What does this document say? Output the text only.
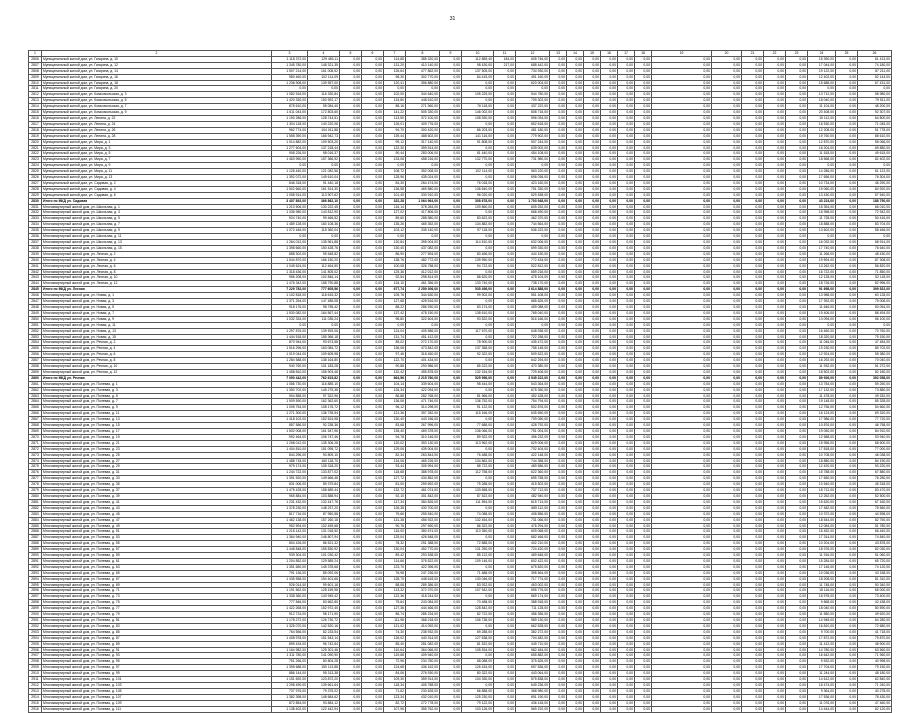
31
1	2	3	4	5	6	7	8	9	10	11	12	13	14	15	16	17	18	19	20	21	22	23	24	25	26
2806	Муниципальный жилой дом, ул. Гагарина, д. 10	1 118 372,00	129 483,11	0,00	0,00	114,88	385 320,00	0,00	112 889,40	184,00	605 746,00	0,00	0,00	0,00	0,00	0,00	0,00	0,00	0,00	0,00	0,00	0,00	15 390,00	0,00	61 413,00
2807	Муниципальный жилой дом, ул. Гагарина, д. 12	1 345 780,00	148 321,35	0,00	0,00	131,20	410 140,00	0,00	98 430,00	217,00	688 442,00	0,00	0,00	0,00	0,00	0,00	0,00	0,00	0,00	0,00	0,00	0,00	17 044,00	0,00	74 180,00
2808	Муниципальный жилой дом, ул. Гагарина, д. 14	1 507 214,00	161 008,52	0,00	0,00	126,64	477 862,00	0,00	137 505,00	0,00	734 930,00	0,00	0,00	0,00	0,00	0,00	0,00	0,00	0,00	0,00	0,00	0,00	19 122,00	0,00	87 211,00
2809	Муниципальный жилой дом, ул. Гагарина, д. 16	980 460,00	102 114,09	0,00	0,00	98,30	302 770,00	0,00	84 415,00	0,00	491 160,00	0,00	0,00	0,00	0,00	0,00	0,00	0,00	0,00	0,00	0,00	0,00	12 402,00	0,00	52 144,00
2810	Муниципальный жилой дом, ул. Гагарина, д. 18	1 236 908,00	139 557,00	0,00	0,00	120,41	356 880,00	0,00	0,00	0,00	620 004,00	0,00	0,00	0,00	0,00	0,00	0,00	0,00	0,00	0,00	0,00	0,00	15 688,00	0,00	67 431,00
2811	Муниципальный жилой дом, ул. Гагарина, д. 20	0,00	0,00	0,00	0,00	0,00	0,00	0,00	0,00	0,00	0,00	0,00	0,00	0,00	0,00	0,00	0,00	0,00	0,00	0,00	0,00	0,00	0,00	0,00	0,00
2812	Муниципальный жилой дом, ул. Комсомольская, д. 3	1 082 516,00	116 330,84	0,00	0,00	102,00	344 640,00	0,00	105 225,00	0,00	544 780,00	0,00	0,00	0,00	0,00	0,00	0,00	0,00	0,00	0,00	0,00	0,00	13 712,00	0,00	58 980,00
2813	Муниципальный жилой дом, ул. Комсомольская, д. 5	1 420 330,00	150 992,17	0,00	0,00	134,80	448 510,00	0,00	0,00	0,00	709 302,00	0,00	0,00	0,00	0,00	0,00	0,00	0,00	0,00	0,00	0,00	0,00	18 040,00	0,00	79 511,00
2814	Муниципальный жилой дом, ул. Комсомольская, д. 7	875 610,00	95 084,40	0,00	0,00	88,16	271 960,00	0,00	76 118,00	0,00	437 222,00	0,00	0,00	0,00	0,00	0,00	0,00	0,00	0,00	0,00	0,00	0,00	11 104,00	0,00	48 200,00
2815	Муниципальный жилой дом, ул. Комсомольская, д. 9	1 611 044,00	172 803,60	0,00	0,00	141,22	505 330,00	0,00	146 002,00	0,00	808 716,00	0,00	0,00	0,00	0,00	0,00	0,00	0,00	0,00	0,00	0,00	0,00	20 408,00	0,00	92 307,00
2816	Муниципальный жилой дом, ул. Ленина, д. 22	1 190 286,00	128 744,51	0,00	0,00	113,50	372 100,00	0,00	108 930,00	0,00	596 034,00	0,00	0,00	0,00	0,00	0,00	0,00	0,00	0,00	0,00	0,00	0,00	15 112,00	0,00	64 800,00
2817	Муниципальный жилой дом, ул. Ленина, д. 24	1 304 118,00	140 220,06	0,00	0,00	126,01	409 776,00	0,00	0,00	0,00	652 618,00	0,00	0,00	0,00	0,00	0,00	0,00	0,00	0,00	0,00	0,00	0,00	16 530,00	0,00	71 045,00
2818	Муниципальный жилой дом, ул. Ленина, д. 26	962 774,00	104 011,88	0,00	0,00	94,70	300 420,00	0,00	86 203,00	0,00	481 180,00	0,00	0,00	0,00	0,00	0,00	0,00	0,00	0,00	0,00	0,00	0,00	12 208,00	0,00	51 778,00
2819	Муниципальный жилой дом, ул. Ленина, д. 28	1 558 390,00	166 942,73	0,00	0,00	139,44	488 602,00	0,00	141 116,00	0,00	779 902,00	0,00	0,00	0,00	0,00	0,00	0,00	0,00	0,00	0,00	0,00	0,00	19 760,00	0,00	88 610,00
2820	Муниципальный жилой дом, ул. Мира, д. 1	1 014 882,00	109 503,20	0,00	0,00	99,12	317 140,00	0,00	91 808,00	0,00	507 244,00	0,00	0,00	0,00	0,00	0,00	0,00	0,00	0,00	0,00	0,00	0,00	12 870,00	0,00	55 066,00
2821	Муниципальный жилой дом, ул. Мира, д. 3	1 277 604,00	137 218,44	0,00	0,00	122,30	399 514,00	0,00	0,00	0,00	639 002,00	0,00	0,00	0,00	0,00	0,00	0,00	0,00	0,00	0,00	0,00	0,00	16 204,00	0,00	69 880,00
2822	Муниципальный жилой дом, ул. Мира, д. 5	908 226,00	98 016,37	0,00	0,00	90,44	283 006,00	0,00	81 440,00	0,00	454 108,00	0,00	0,00	0,00	0,00	0,00	0,00	0,00	0,00	0,00	0,00	0,00	11 518,00	0,00	49 615,00
2823	Муниципальный жилой дом, ул. Мира, д. 7	1 463 950,00	157 366,92	0,00	0,00	133,08	458 216,00	0,00	132 770,00	0,00	731 980,00	0,00	0,00	0,00	0,00	0,00	0,00	0,00	0,00	0,00	0,00	0,00	18 568,00	0,00	82 402,00
2824	Муниципальный жилой дом, ул. Мира, д. 9	0,00	0,00	0,00	0,00	0,00	0,00	0,00	0,00	0,00	0,00	0,00	0,00	0,00	0,00	0,00	0,00	0,00	0,00	0,00	0,00	0,00	0,00	0,00	0,00
2825	Муниципальный жилой дом, ул. Мира, д. 11	1 126 440,00	121 082,56	0,00	0,00	108,72	352 008,00	0,00	102 114,00	0,00	563 220,00	0,00	0,00	0,00	0,00	0,00	0,00	0,00	0,00	0,00	0,00	0,00	14 286,00	0,00	61 122,00
2826	Муниципальный жилой дом, ул. Мира, д. 13	1 392 072,00	149 610,04	0,00	0,00	128,96	435 024,00	0,00	0,00	0,00	696 036,00	0,00	0,00	0,00	0,00	0,00	0,00	0,00	0,00	0,00	0,00	0,00	17 656,00	0,00	76 304,00
2827	Муниципальный жилой дом, ул. Садовая, д. 2	846 318,00	91 440,18	0,00	0,00	84,30	264 474,00	0,00	76 018,00	0,00	423 160,00	0,00	0,00	0,00	0,00	0,00	0,00	0,00	0,00	0,00	0,00	0,00	10 734,00	0,00	46 290,00
2828	Муниципальный жилой дом, ул. Садовая, д. 4	1 502 660,00	161 514,30	0,00	0,00	136,58	469 580,00	0,00	136 640,00	0,00	751 330,00	0,00	0,00	0,00	0,00	0,00	0,00	0,00	0,00	0,00	0,00	0,00	19 060,00	0,00	84 920,00
2829	Муниципальный жилой дом, ул. Садовая, д. 6	1 058 914,00	113 907,62	0,00	0,00	101,40	330 910,00	0,00	96 020,00	0,00	529 458,00	0,00	0,00	0,00	0,00	0,00	0,00	0,00	0,00	0,00	0,00	0,00	13 430,00	0,00	57 540,00
2830	Итого по МКД ул. Садовая	3 407 892,00	366 862,10	0,00	0,00	322,28	1 064 964,00	0,00	308 678,00	0,00	1 703 948,00	0,00	0,00	0,00	0,00	0,00	0,00	0,00	0,00	0,00	0,00	0,00	43 224,00	0,00	188 750,00
2831	Многоквартирный жилой дом, ул. Школьная, д. 1	1 210 506,00	130 222,45	0,00	0,00	116,14	378 284,00	0,00	109 860,00	0,00	605 252,00	0,00	0,00	0,00	0,00	0,00	0,00	0,00	0,00	0,00	0,00	0,00	15 354,00	0,00	66 010,00
2832	Многоквартирный жилой дом, ул. Школьная, д. 3	1 336 980,00	143 812,90	0,00	0,00	127,02	417 806,00	0,00	0,00	0,00	668 490,00	0,00	0,00	0,00	0,00	0,00	0,00	0,00	0,00	0,00	0,00	0,00	16 958,00	0,00	72 942,00
2833	Многоквартирный жилой дом, ул. Школьная, д. 5	924 740,00	99 466,52	0,00	0,00	89,60	288 980,00	0,00	83 622,00	0,00	462 370,00	0,00	0,00	0,00	0,00	0,00	0,00	0,00	0,00	0,00	0,00	0,00	11 728,00	0,00	50 416,00
2834	Многоквартирный жилой дом, ул. Школьная, д. 7	1 489 128,00	160 108,36	0,00	0,00	135,26	465 352,00	0,00	134 882,00	0,00	744 564,00	0,00	0,00	0,00	0,00	0,00	0,00	0,00	0,00	0,00	0,00	0,00	18 888,00	0,00	83 704,00
2835	Многоквартирный жилой дом, ул. Школьная, д. 9	1 072 446,00	115 360,04	0,00	0,00	103,12	335 140,00	0,00	97 118,00	0,00	536 222,00	0,00	0,00	0,00	0,00	0,00	0,00	0,00	0,00	0,00	0,00	0,00	13 602,00	0,00	58 466,00
2836	Многоквартирный жилой дом, ул. Школьная, д. 11	0,00	0,00	0,00	0,00	0,00	0,00	0,00	0,00	0,00	0,00	0,00	0,00	0,00	0,00	0,00	0,00	0,00	0,00	0,00	0,00	0,00	0,00	0,00	0,00
2837	Многоквартирный жилой дом, ул. Школьная, д. 13	1 264 012,00	135 961,88	0,00	0,00	120,84	395 004,00	0,00	114 510,00	0,00	632 006,00	0,00	0,00	0,00	0,00	0,00	0,00	0,00	0,00	0,00	0,00	0,00	16 032,00	0,00	68 914,00
2838	Многоквартирный жилой дом, ул. Школьная, д. 15	1 398 660,00	150 428,76	0,00	0,00	130,40	437 082,00	0,00	0,00	0,00	699 330,00	0,00	0,00	0,00	0,00	0,00	0,00	0,00	0,00	0,00	0,00	0,00	17 740,00	0,00	76 640,00
2839	Многоквартирный жилой дом, ул. Лесная, д. 2	888 302,00	95 548,82	0,00	0,00	86,90	277 594,00	0,00	80 466,00	0,00	444 150,00	0,00	0,00	0,00	0,00	0,00	0,00	0,00	0,00	0,00	0,00	0,00	11 266,00	0,00	48 430,00
2840	Многоквартирный жилой дом, ул. Лесная, д. 4	1 544 870,00	166 150,20	0,00	0,00	138,76	482 772,00	0,00	139 950,00	0,00	772 434,00	0,00	0,00	0,00	0,00	0,00	0,00	0,00	0,00	0,00	0,00	0,00	19 594,00	0,00	87 308,00
2841	Многоквартирный жилой дом, ул. Лесная, д. 6	1 045 624,00	112 464,50	0,00	0,00	100,08	326 758,00	0,00	94 722,00	0,00	522 812,00	0,00	0,00	0,00	0,00	0,00	0,00	0,00	0,00	0,00	0,00	0,00	13 262,00	0,00	56 820,00
2842	Многоквартирный жилой дом, ул. Лесная, д. 8	1 318 436,00	141 805,02	0,00	0,00	125,36	412 012,00	0,00	0,00	0,00	659 218,00	0,00	0,00	0,00	0,00	0,00	0,00	0,00	0,00	0,00	0,00	0,00	16 722,00	0,00	71 850,00
2843	Многоквартирный жилой дом, ул. Лесная, д. 10	956 208,00	102 846,14	0,00	0,00	92,54	298 814,00	0,00	86 620,00	0,00	478 104,00	0,00	0,00	0,00	0,00	0,00	0,00	0,00	0,00	0,00	0,00	0,00	12 128,00	0,00	52 118,00
2844	Многоквартирный жилой дом, ул. Лесная, д. 12	1 476 342,00	158 790,88	0,00	0,00	134,10	461 356,00	0,00	133 740,00	0,00	738 170,00	0,00	0,00	0,00	0,00	0,00	0,00	0,00	0,00	0,00	0,00	0,00	18 726,00	0,00	82 996,00
2845	Итого по МКД ул. Лесная	7 229 782,00	777 605,56	0,00	0,00	677,74	2 259 306,00	0,00	535 498,00	0,00	3 614 888,00	0,00	0,00	0,00	0,00	0,00	0,00	0,00	0,00	0,00	0,00	0,00	91 698,00	0,00	399 522,00
2846	Многоквартирный жилой дом, ул. Новая, д. 1	1 102 818,00	118 615,32	0,00	0,00	105,76	344 630,00	0,00	99 902,00	0,00	551 408,00	0,00	0,00	0,00	0,00	0,00	0,00	0,00	0,00	0,00	0,00	0,00	13 988,00	0,00	60 128,00
2847	Многоквартирный жилой дом, ул. Новая, д. 3	1 371 254,00	147 485,08	0,00	0,00	127,68	428 516,00	0,00	0,00	0,00	685 626,00	0,00	0,00	0,00	0,00	0,00	0,00	0,00	0,00	0,00	0,00	0,00	17 392,00	0,00	75 008,00
2848	Многоквартирный жилой дом, ул. Новая, д. 5	918 176,00	98 755,42	0,00	0,00	88,22	286 930,00	0,00	83 174,00	0,00	459 088,00	0,00	0,00	0,00	0,00	0,00	0,00	0,00	0,00	0,00	0,00	0,00	11 646,00	0,00	50 054,00
2849	Многоквартирный жилой дом, ул. Новая, д. 7	1 530 082,00	164 567,44	0,00	0,00	137,42	478 150,00	0,00	138 610,00	0,00	765 040,00	0,00	0,00	0,00	0,00	0,00	0,00	0,00	0,00	0,00	0,00	0,00	19 406,00	0,00	86 494,00
2850	Многоквартирный жилой дом, ул. Новая, д. 9	1 032 334,00	111 035,24	0,00	0,00	98,80	322 604,00	0,00	93 522,00	0,00	516 166,00	0,00	0,00	0,00	0,00	0,00	0,00	0,00	0,00	0,00	0,00	0,00	13 094,00	0,00	56 100,00
2851	Многоквартирный жилой дом, ул. Новая, д. 11	0,00	0,00	0,00	0,00	0,00	0,00	0,00	0,00	0,00	0,00	0,00	0,00	0,00	0,00	0,00	0,00	0,00	0,00	0,00	0,00	0,00	0,00	0,00	0,00
2852	Многоквартирный жилой дом, ул. Новая, д. 13	1 297 876,00	139 593,06	0,00	0,00	124,04	405 586,00	0,00	117 570,00	0,00	648 938,00	0,00	0,00	0,00	0,00	0,00	0,00	0,00	0,00	0,00	0,00	0,00	16 460,00	0,00	70 760,00
2853	Многоквартирный жилой дом, ул. Новая, д. 15	1 444 518,00	155 366,18	0,00	0,00	131,74	451 412,00	0,00	0,00	0,00	722 258,00	0,00	0,00	0,00	0,00	0,00	0,00	0,00	0,00	0,00	0,00	0,00	18 320,00	0,00	79 150,00
2854	Многоквартирный жилой дом, ул. Речная, д. 2	870 944,00	93 673,58	0,00	0,00	85,02	272 170,00	0,00	78 900,00	0,00	435 472,00	0,00	0,00	0,00	0,00	0,00	0,00	0,00	0,00	0,00	0,00	0,00	11 046,00	0,00	47 484,00
2855	Многоквартирный жилой дом, ул. Речная, д. 4	1 516 296,00	163 084,72	0,00	0,00	136,08	473 842,00	0,00	137 358,00	0,00	758 148,00	0,00	0,00	0,00	0,00	0,00	0,00	0,00	0,00	0,00	0,00	0,00	19 230,00	0,00	85 702,00
2856	Многоквартирный жилой дом, ул. Речная, д. 6	1 019 044,00	109 605,98	0,00	0,00	97,46	318 450,00	0,00	92 322,00	0,00	509 522,00	0,00	0,00	0,00	0,00	0,00	0,00	0,00	0,00	0,00	0,00	0,00	12 924,00	0,00	55 380,00
2857	Многоквартирный жилой дом, ул. Речная, д. 8	1 284 588,00	138 164,80	0,00	0,00	122,70	401 434,00	0,00	0,00	0,00	642 294,00	0,00	0,00	0,00	0,00	0,00	0,00	0,00	0,00	0,00	0,00	0,00	16 292,00	0,00	70 040,00
2858	Многоквартирный жилой дом, ул. Речная, д. 10	940 760,00	101 183,28	0,00	0,00	90,88	293 986,00	0,00	85 222,00	0,00	470 380,00	0,00	0,00	0,00	0,00	0,00	0,00	0,00	0,00	0,00	0,00	0,00	11 932,00	0,00	51 272,00
2859	Многоквартирный жилой дом, ул. Речная, д. 12	1 458 810,00	156 903,46	0,00	0,00	132,42	455 878,00	0,00	132 154,00	0,00	729 406,00	0,00	0,00	0,00	0,00	0,00	0,00	0,00	0,00	0,00	0,00	0,00	18 502,00	0,00	82 180,00
2860	Итого по МКД ул. Речная	7 090 442,00	762 615,82	0,00	0,00	664,56	2 215 760,00	0,00	525 956,00	0,00	3 545 222,00	0,00	0,00	0,00	0,00	0,00	0,00	0,00	0,00	0,00	0,00	0,00	89 926,00	0,00	392 058,00
2861	Многоквартирный жилой дом, ул. Полевая, д. 1	1 086 730,00	116 885,10	0,00	0,00	104,14	339 604,00	0,00	98 444,00	0,00	543 364,00	0,00	0,00	0,00	0,00	0,00	0,00	0,00	0,00	0,00	0,00	0,00	13 784,00	0,00	59 250,00
2862	Многоквартирный жилой дом, ул. Полевая, д. 3	1 350 702,00	145 275,38	0,00	0,00	126,34	422 094,00	0,00	0,00	0,00	675 350,00	0,00	0,00	0,00	0,00	0,00	0,00	0,00	0,00	0,00	0,00	0,00	17 132,00	0,00	73 880,00
2863	Многоквартирный жилой дом, ул. Полевая, д. 5	904 858,00	97 322,96	0,00	0,00	86,88	282 768,00	0,00	81 966,00	0,00	452 428,00	0,00	0,00	0,00	0,00	0,00	0,00	0,00	0,00	0,00	0,00	0,00	11 478,00	0,00	49 332,00
2864	Многоквартирный жилой дом, ул. Полевая, д. 7	1 509 590,00	162 362,60	0,00	0,00	136,06	471 746,00	0,00	136 752,00	0,00	754 794,00	0,00	0,00	0,00	0,00	0,00	0,00	0,00	0,00	0,00	0,00	0,00	19 148,00	0,00	85 328,00
2865	Многоквартирный жилой дом, ул. Полевая, д. 9	1 005 754,00	108 176,72	0,00	0,00	96,12	314 298,00	0,00	91 122,00	0,00	502 876,00	0,00	0,00	0,00	0,00	0,00	0,00	0,00	0,00	0,00	0,00	0,00	12 756,00	0,00	54 660,00
2866	Многоквартирный жилой дом, ул. Полевая, д. 11	1 271 300,00	136 735,54	0,00	0,00	121,36	397 282,00	0,00	115 166,00	0,00	635 650,00	0,00	0,00	0,00	0,00	0,00	0,00	0,00	0,00	0,00	0,00	0,00	16 124,00	0,00	69 320,00
2867	Многоквартирный жилой дом, ул. Полевая, д. 13	1 418 102,00	152 524,98	0,00	0,00	130,40	443 156,00	0,00	0,00	0,00	709 050,00	0,00	0,00	0,00	0,00	0,00	0,00	0,00	0,00	0,00	0,00	0,00	17 986,00	0,00	77 720,00
2868	Многоквартирный жилой дом, ул. Полевая, д. 15	857 586,00	92 238,36	0,00	0,00	83,68	267 996,00	0,00	77 688,00	0,00	428 792,00	0,00	0,00	0,00	0,00	0,00	0,00	0,00	0,00	0,00	0,00	0,00	10 876,00	0,00	46 758,00
2869	Многоквартирный жилой дом, ул. Полевая, д. 17	1 502 008,00	161 547,96	0,00	0,00	135,40	469 378,00	0,00	136 066,00	0,00	751 004,00	0,00	0,00	0,00	0,00	0,00	0,00	0,00	0,00	0,00	0,00	0,00	19 050,00	0,00	84 910,00
2870	Многоквартирный жилой дом, ул. Полевая, д. 19	992 464,00	106 747,46	0,00	0,00	94,78	310 146,00	0,00	89 922,00	0,00	496 232,00	0,00	0,00	0,00	0,00	0,00	0,00	0,00	0,00	0,00	0,00	0,00	12 588,00	0,00	53 940,00
2871	Многоквартирный жилой дом, ул. Полевая, д. 21	1 258 012,00	135 306,28	0,00	0,00	120,02	393 130,00	0,00	113 962,00	0,00	629 006,00	0,00	0,00	0,00	0,00	0,00	0,00	0,00	0,00	0,00	0,00	0,00	15 956,00	0,00	68 600,00
2872	Многоквартирный жилой дом, ул. Полевая, д. 23	1 404 810,00	151 095,72	0,00	0,00	129,06	439 004,00	0,00	0,00	0,00	702 404,00	0,00	0,00	0,00	0,00	0,00	0,00	0,00	0,00	0,00	0,00	0,00	17 818,00	0,00	77 000,00
2873	Многоквартирный жилой дом, ул. Полевая, д. 25	844 296,00	90 809,10	0,00	0,00	82,34	263 844,00	0,00	76 488,00	0,00	422 148,00	0,00	0,00	0,00	0,00	0,00	0,00	0,00	0,00	0,00	0,00	0,00	10 708,00	0,00	46 038,00
2874	Многоквартирный жилой дом, ул. Полевая, д. 27	1 488 718,00	160 118,70	0,00	0,00	134,06	465 226,00	0,00	134 862,00	0,00	744 358,00	0,00	0,00	0,00	0,00	0,00	0,00	0,00	0,00	0,00	0,00	0,00	18 880,00	0,00	84 190,00
2875	Многоквартирный жилой дом, ул. Полевая, д. 29	979 174,00	105 318,20	0,00	0,00	93,44	305 994,00	0,00	88 722,00	0,00	489 586,00	0,00	0,00	0,00	0,00	0,00	0,00	0,00	0,00	0,00	0,00	0,00	12 420,00	0,00	53 220,00
2876	Многоквартирный жилой дом, ул. Полевая, д. 31	1 244 722,00	133 877,02	0,00	0,00	118,68	388 978,00	0,00	112 758,00	0,00	622 360,00	0,00	0,00	0,00	0,00	0,00	0,00	0,00	0,00	0,00	0,00	0,00	15 788,00	0,00	67 880,00
2877	Многоквартирный жилой дом, ул. Полевая, д. 33	1 391 520,00	149 666,46	0,00	0,00	127,72	434 852,00	0,00	0,00	0,00	695 758,00	0,00	0,00	0,00	0,00	0,00	0,00	0,00	0,00	0,00	0,00	0,00	17 650,00	0,00	76 280,00
2878	Многоквартирный жилой дом, ул. Полевая, д. 35	831 006,00	89 379,84	0,00	0,00	81,00	259 692,00	0,00	75 288,00	0,00	415 502,00	0,00	0,00	0,00	0,00	0,00	0,00	0,00	0,00	0,00	0,00	0,00	10 540,00	0,00	45 318,00
2879	Многоквартирный жилой дом, ул. Полевая, д. 37	1 475 428,00	158 689,44	0,00	0,00	132,72	461 074,00	0,00	133 658,00	0,00	737 712,00	0,00	0,00	0,00	0,00	0,00	0,00	0,00	0,00	0,00	0,00	0,00	18 712,00	0,00	83 470,00
2880	Многоквартирный жилой дом, ул. Полевая, д. 39	965 884,00	103 888,94	0,00	0,00	92,10	301 842,00	0,00	87 522,00	0,00	482 940,00	0,00	0,00	0,00	0,00	0,00	0,00	0,00	0,00	0,00	0,00	0,00	12 252,00	0,00	52 500,00
2881	Многоквартирный жилой дом, ул. Полевая, д. 41	1 231 432,00	132 447,76	0,00	0,00	117,34	384 826,00	0,00	111 554,00	0,00	615 714,00	0,00	0,00	0,00	0,00	0,00	0,00	0,00	0,00	0,00	0,00	0,00	15 620,00	0,00	67 160,00
2882	Многоквартирный жилой дом, ул. Полевая, д. 43	1 378 230,00	148 237,20	0,00	0,00	126,38	430 700,00	0,00	0,00	0,00	689 112,00	0,00	0,00	0,00	0,00	0,00	0,00	0,00	0,00	0,00	0,00	0,00	17 482,00	0,00	75 560,00
2883	Многоквартирный жилой дом, ул. Полевая, д. 45	817 716,00	87 950,58	0,00	0,00	79,66	255 540,00	0,00	74 088,00	0,00	408 856,00	0,00	0,00	0,00	0,00	0,00	0,00	0,00	0,00	0,00	0,00	0,00	10 372,00	0,00	44 598,00
2884	Многоквартирный жилой дом, ул. Полевая, д. 47	1 462 138,00	157 260,18	0,00	0,00	131,38	456 922,00	0,00	132 454,00	0,00	731 066,00	0,00	0,00	0,00	0,00	0,00	0,00	0,00	0,00	0,00	0,00	0,00	18 544,00	0,00	82 750,00
2885	Многоквартирный жилой дом, ул. Полевая, д. 49	952 594,00	102 459,68	0,00	0,00	90,76	297 690,00	0,00	86 322,00	0,00	476 294,00	0,00	0,00	0,00	0,00	0,00	0,00	0,00	0,00	0,00	0,00	0,00	12 084,00	0,00	51 780,00
2886	Многоквартирный жилой дом, ул. Полевая, д. 51	1 218 142,00	131 018,50	0,00	0,00	116,00	380 674,00	0,00	110 350,00	0,00	609 068,00	0,00	0,00	0,00	0,00	0,00	0,00	0,00	0,00	0,00	0,00	0,00	15 452,00	0,00	66 440,00
2887	Многоквартирный жилой дом, ул. Полевая, д. 53	1 364 940,00	146 807,94	0,00	0,00	125,04	426 548,00	0,00	0,00	0,00	682 466,00	0,00	0,00	0,00	0,00	0,00	0,00	0,00	0,00	0,00	0,00	0,00	17 314,00	0,00	74 840,00
2888	Многоквартирный жилой дом, ул. Полевая, д. 55	804 426,00	86 521,32	0,00	0,00	78,32	251 388,00	0,00	72 888,00	0,00	402 210,00	0,00	0,00	0,00	0,00	0,00	0,00	0,00	0,00	0,00	0,00	0,00	10 204,00	0,00	43 878,00
2889	Многоквартирный жилой дом, ул. Полевая, д. 57	1 448 848,00	155 830,92	0,00	0,00	130,04	452 770,00	0,00	131 250,00	0,00	724 420,00	0,00	0,00	0,00	0,00	0,00	0,00	0,00	0,00	0,00	0,00	0,00	18 376,00	0,00	82 030,00
2890	Многоквартирный жилой дом, ул. Полевая, д. 59	939 304,00	101 030,42	0,00	0,00	89,42	293 538,00	0,00	85 122,00	0,00	469 648,00	0,00	0,00	0,00	0,00	0,00	0,00	0,00	0,00	0,00	0,00	0,00	11 916,00	0,00	51 060,00
2891	Многоквартирный жилой дом, ул. Полевая, д. 61	1 204 852,00	129 589,24	0,00	0,00	114,66	376 522,00	0,00	109 146,00	0,00	602 422,00	0,00	0,00	0,00	0,00	0,00	0,00	0,00	0,00	0,00	0,00	0,00	15 284,00	0,00	65 720,00
2892	Многоквартирный жилой дом, ул. Полевая, д. 63	1 351 650,00	145 378,68	0,00	0,00	123,70	422 396,00	0,00	0,00	0,00	675 820,00	0,00	0,00	0,00	0,00	0,00	0,00	0,00	0,00	0,00	0,00	0,00	17 146,00	0,00	74 120,00
2893	Многоквартирный жилой дом, ул. Полевая, д. 65	791 136,00	85 092,06	0,00	0,00	76,98	247 236,00	0,00	71 688,00	0,00	395 564,00	0,00	0,00	0,00	0,00	0,00	0,00	0,00	0,00	0,00	0,00	0,00	10 036,00	0,00	43 158,00
2894	Многоквартирный жилой дом, ул. Полевая, д. 67	1 435 558,00	154 401,66	0,00	0,00	128,70	448 618,00	0,00	130 046,00	0,00	717 774,00	0,00	0,00	0,00	0,00	0,00	0,00	0,00	0,00	0,00	0,00	0,00	18 208,00	0,00	81 310,00
2895	Многоквартирный жилой дом, ул. Полевая, д. 69	926 014,00	99 601,16	0,00	0,00	88,08	289 386,00	0,00	83 922,00	0,00	463 002,00	0,00	0,00	0,00	0,00	0,00	0,00	0,00	0,00	0,00	0,00	0,00	11 748,00	0,00	50 340,00
2896	Многоквартирный жилой дом, ул. Полевая, д. 71	1 191 562,00	128 159,98	0,00	0,00	113,32	372 370,00	0,00	107 942,00	0,00	595 776,00	0,00	0,00	0,00	0,00	0,00	0,00	0,00	0,00	0,00	0,00	0,00	15 116,00	0,00	65 000,00
2897	Многоквартирный жилой дом, ул. Полевая, д. 73	1 338 360,00	143 949,42	0,00	0,00	122,36	418 244,00	0,00	0,00	0,00	669 174,00	0,00	0,00	0,00	0,00	0,00	0,00	0,00	0,00	0,00	0,00	0,00	16 978,00	0,00	73 400,00
2898	Многоквартирный жилой дом, ул. Полевая, д. 75	777 846,00	83 662,80	0,00	0,00	75,64	243 084,00	0,00	70 488,00	0,00	388 918,00	0,00	0,00	0,00	0,00	0,00	0,00	0,00	0,00	0,00	0,00	0,00	9 868,00	0,00	42 438,00
2899	Многоквартирный жилой дом, ул. Полевая, д. 77	1 422 268,00	152 972,40	0,00	0,00	127,36	444 466,00	0,00	128 842,00	0,00	711 128,00	0,00	0,00	0,00	0,00	0,00	0,00	0,00	0,00	0,00	0,00	0,00	18 040,00	0,00	80 590,00
2900	Многоквартирный жилой дом, ул. Полевая, д. 79	912 724,00	98 171,90	0,00	0,00	86,74	285 234,00	0,00	82 722,00	0,00	456 356,00	0,00	0,00	0,00	0,00	0,00	0,00	0,00	0,00	0,00	0,00	0,00	11 580,00	0,00	49 620,00
2901	Многоквартирный жилой дом, ул. Полевая, д. 81	1 178 272,00	126 730,72	0,00	0,00	111,98	368 218,00	0,00	106 738,00	0,00	589 130,00	0,00	0,00	0,00	0,00	0,00	0,00	0,00	0,00	0,00	0,00	0,00	14 948,00	0,00	64 280,00
2902	Многоквартирный жилой дом, ул. Полевая, д. 83	1 325 070,00	142 520,16	0,00	0,00	121,02	414 092,00	0,00	0,00	0,00	662 528,00	0,00	0,00	0,00	0,00	0,00	0,00	0,00	0,00	0,00	0,00	0,00	16 810,00	0,00	72 680,00
2903	Многоквартирный жилой дом, ул. Полевая, д. 85	764 556,00	82 233,54	0,00	0,00	74,30	238 932,00	0,00	69 288,00	0,00	382 272,00	0,00	0,00	0,00	0,00	0,00	0,00	0,00	0,00	0,00	0,00	0,00	9 700,00	0,00	41 718,00
2904	Многоквартирный жилой дом, ул. Полевая, д. 87	1 408 978,00	151 543,14	0,00	0,00	126,02	440 314,00	0,00	127 638,00	0,00	704 482,00	0,00	0,00	0,00	0,00	0,00	0,00	0,00	0,00	0,00	0,00	0,00	17 872,00	0,00	79 870,00
2905	Многоквартирный жилой дом, ул. Полевая, д. 89	899 434,00	96 742,64	0,00	0,00	85,40	281 082,00	0,00	81 522,00	0,00	449 710,00	0,00	0,00	0,00	0,00	0,00	0,00	0,00	0,00	0,00	0,00	0,00	11 412,00	0,00	48 900,00
2906	Многоквартирный жилой дом, ул. Полевая, д. 91	1 164 982,00	125 301,46	0,00	0,00	110,64	364 066,00	0,00	105 534,00	0,00	582 484,00	0,00	0,00	0,00	0,00	0,00	0,00	0,00	0,00	0,00	0,00	0,00	14 780,00	0,00	63 560,00
2907	Многоквартирный жилой дом, ул. Полевая, д. 93	1 311 780,00	141 090,90	0,00	0,00	119,68	409 940,00	0,00	0,00	0,00	655 882,00	0,00	0,00	0,00	0,00	0,00	0,00	0,00	0,00	0,00	0,00	0,00	16 642,00	0,00	71 960,00
2908	Многоквартирный жилой дом, ул. Полевая, д. 95	751 266,00	80 804,28	0,00	0,00	72,96	234 780,00	0,00	68 088,00	0,00	375 626,00	0,00	0,00	0,00	0,00	0,00	0,00	0,00	0,00	0,00	0,00	0,00	9 532,00	0,00	40 998,00
2909	Многоквартирный жилой дом, ул. Полевая, д. 97	1 395 688,00	150 113,88	0,00	0,00	124,68	436 162,00	0,00	126 434,00	0,00	697 836,00	0,00	0,00	0,00	0,00	0,00	0,00	0,00	0,00	0,00	0,00	0,00	17 704,00	0,00	79 150,00
2910	Многоквартирный жилой дом, ул. Полевая, д. 99	886 144,00	95 313,38	0,00	0,00	84,06	276 930,00	0,00	80 322,00	0,00	443 064,00	0,00	0,00	0,00	0,00	0,00	0,00	0,00	0,00	0,00	0,00	0,00	11 244,00	0,00	48 180,00
2911	Многоквартирный жилой дом, ул. Полевая, д. 101	1 151 692,00	123 872,20	0,00	0,00	109,30	359 914,00	0,00	104 330,00	0,00	575 838,00	0,00	0,00	0,00	0,00	0,00	0,00	0,00	0,00	0,00	0,00	0,00	14 612,00	0,00	62 840,00
2912	Многоквартирный жилой дом, ул. Полевая, д. 103	1 298 490,00	139 661,64	0,00	0,00	118,34	405 788,00	0,00	0,00	0,00	649 236,00	0,00	0,00	0,00	0,00	0,00	0,00	0,00	0,00	0,00	0,00	0,00	16 474,00	0,00	71 240,00
2913	Многоквартирный жилой дом, ул. Полевая, д. 105	737 976,00	79 375,02	0,00	0,00	71,62	230 628,00	0,00	66 888,00	0,00	368 980,00	0,00	0,00	0,00	0,00	0,00	0,00	0,00	0,00	0,00	0,00	0,00	9 364,00	0,00	40 278,00
2914	Многоквартирный жилой дом, ул. Полевая, д. 107	1 382 398,00	148 684,62	0,00	0,00	123,34	432 010,00	0,00	125 230,00	0,00	691 190,00	0,00	0,00	0,00	0,00	0,00	0,00	0,00	0,00	0,00	0,00	0,00	17 536,00	0,00	78 430,00
2915	Многоквартирный жилой дом, ул. Полевая, д. 109	872 854,00	93 884,12	0,00	0,00	82,72	272 778,00	0,00	79 122,00	0,00	436 418,00	0,00	0,00	0,00	0,00	0,00	0,00	0,00	0,00	0,00	0,00	0,00	11 076,00	0,00	47 460,00
2916	Многоквартирный жилой дом, ул. Полевая, д. 111	1 138 402,00	122 442,94	0,00	0,00	107,96	355 762,00	0,00	103 126,00	0,00	569 192,00	0,00	0,00	0,00	0,00	0,00	0,00	0,00	0,00	0,00	0,00	0,00	14 444,00	0,00	62 120,00
